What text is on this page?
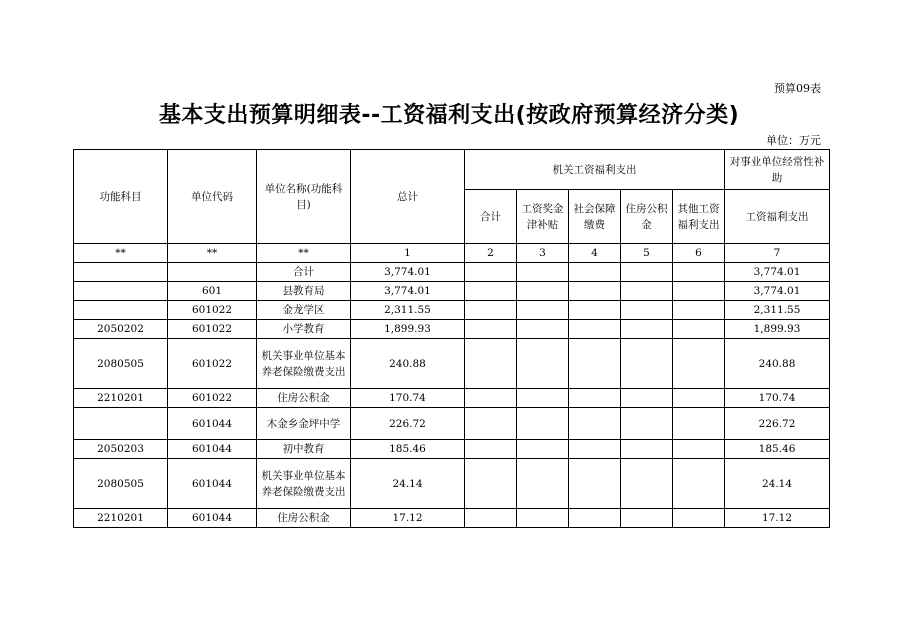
预算09表
基本支出预算明细表--工资福利支出(按政府预算经济分类)
单位：万元
功能科目	单位代码	单位名称(功能科目)	总计	机关工资福利支出					对事业单位经常性补助
				合计	工资奖金津补贴	社会保障缴费	住房公积金	其他工资福利支出	工资福利支出
**	**	**	1	2	3	4	5	6	7
		合计	3,774.01						3,774.01
	601	县教育局	3,774.01						3,774.01
	601022	金龙学区	2,311.55						2,311.55
2050202	601022	小学教育	1,899.93						1,899.93
2080505	601022	机关事业单位基本养老保险缴费支出	240.88						240.88
2210201	601022	住房公积金	170.74						170.74
	601044	木金乡金坪中学	226.72						226.72
2050203	601044	初中教育	185.46						185.46
2080505	601044	机关事业单位基本养老保险缴费支出	24.14						24.14
2210201	601044	住房公积金	17.12						17.12
